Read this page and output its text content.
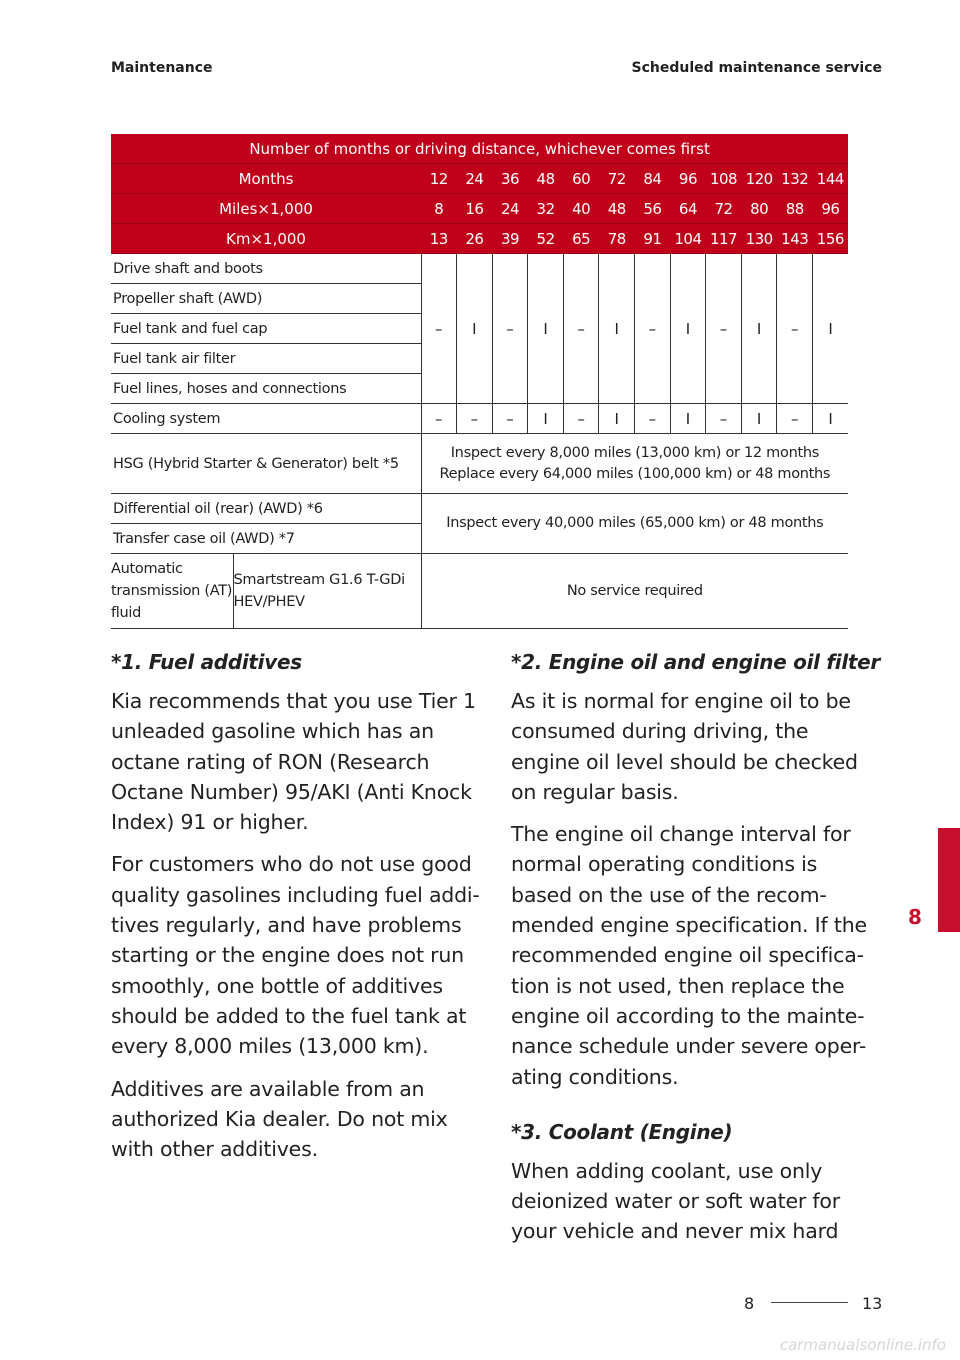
Maintenance	Scheduled maintenance service
Number of months or driving distance, whichever comes first													
Months		12	24	36	48	60	72	84	96	108	120	132	144
Miles×1,000		8	16	24	32	40	48	56	64	72	80	88	96
Km×1,000		13	26	39	52	65	78	91	104	117	130	143	156
Drive shaft and boots		–	I	–	I	–	I	–	I	–	I	–	I
Propeller shaft (AWD)													
Fuel tank and fuel cap													
Fuel tank air filter													
Fuel lines, hoses and connections													
Cooling system		–	–	–	I	–	I	–	I	–	I	–	I
HSG (Hybrid Starter & Generator) belt *5		Inspect every 8,000 miles (13,000 km) or 12 months
Replace every 64,000 miles (100,000 km) or 48 months											

Differential oil (rear) (AWD) *6		Inspect every 40,000 miles (65,000 km) or 48 months											
Transfer case oil (AWD) *7													
Automatic transmission (AT) fluid	Smartstream G1.6 T-GDi HEV/PHEV	No service required											
*1. Fuel additives

Kia recommends that you use Tier 1 unleaded gasoline which has an octane rating of RON (Research Octane Number) 95/AKI (Anti Knock Index) 91 or higher.

For customers who do not use good quality gasolines including fuel addi-tives regularly, and have problems starting or the engine does not run smoothly, one bottle of additives should be added to the fuel tank at every 8,000 miles (13,000 km).

Additives are available from an authorized Kia dealer. Do not mix with other additives.

*2. Engine oil and engine oil filter

As it is normal for engine oil to be consumed during driving, the engine oil level should be checked on regular basis.

The engine oil change interval for normal operating conditions is based on the use of the recom-mended engine specification. If the recommended engine oil specifica-tion is not used, then replace the engine oil according to the mainte-nance schedule under severe oper-ating conditions.

*3. Coolant (Engine)

When adding coolant, use only deionized water or soft water for your vehicle and never mix hard

8
8	13
carmanualsonline.info
